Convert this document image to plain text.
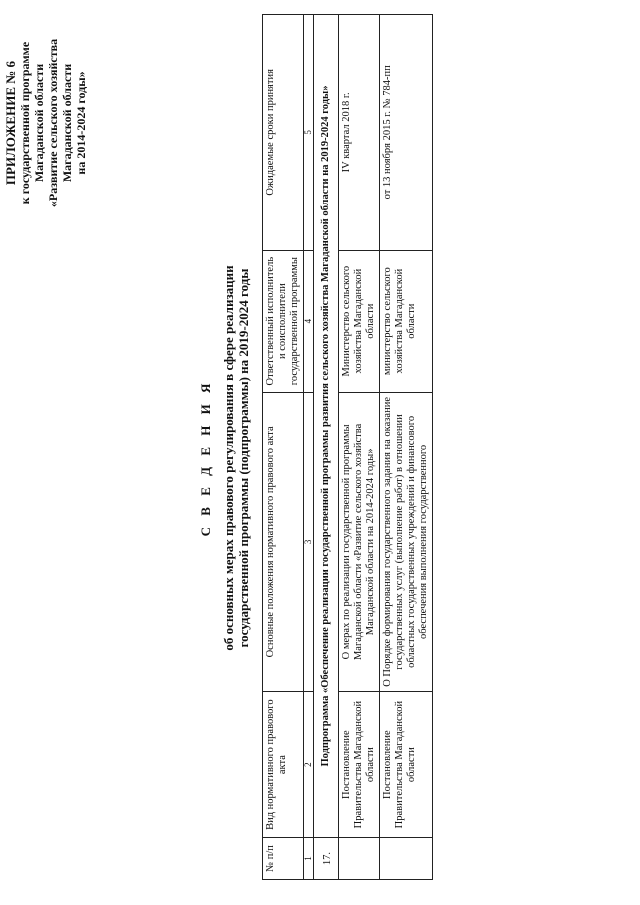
ПРИЛОЖЕНИЕ № 6 к государственной программе Магаданской области «Развитие сельского хозяйства Магаданской области на 2014-2024 годы»
С В Е Д Е Н И Я об основных мерах правового регулирования в сфере реализации государственной программы (подпрограммы) на 2019-2024 годы
№ п/п	Вид нормативного правового акта	Основные положения нормативного правового акта	Ответственный исполнитель и соисполнители государственной программы	Ожидаемые сроки принятия
1	2	3	4	5
17.	Подпрограмма «Обеспечение реализации государственной программы развития сельского хозяйства Магаданской области на 2019-2024 годы»			
	Постановление Правительства Магаданской области	О мерах по реализации государственной программы Магаданской области «Развитие сельского хозяйства Магаданской области на 2014-2024 годы»	Министерство сельского хозяйства Магаданской области	IV квартал 2018 г.
	Постановление Правительства Магаданской области	О Порядке формирования государственного задания на оказание государственных услуг (выполнение работ) в отношении областных государственных учреждений и финансового обеспечения выполнения государственного	министерство сельского хозяйства Магаданской области	от 13 ноября 2015 г. № 784-пп
